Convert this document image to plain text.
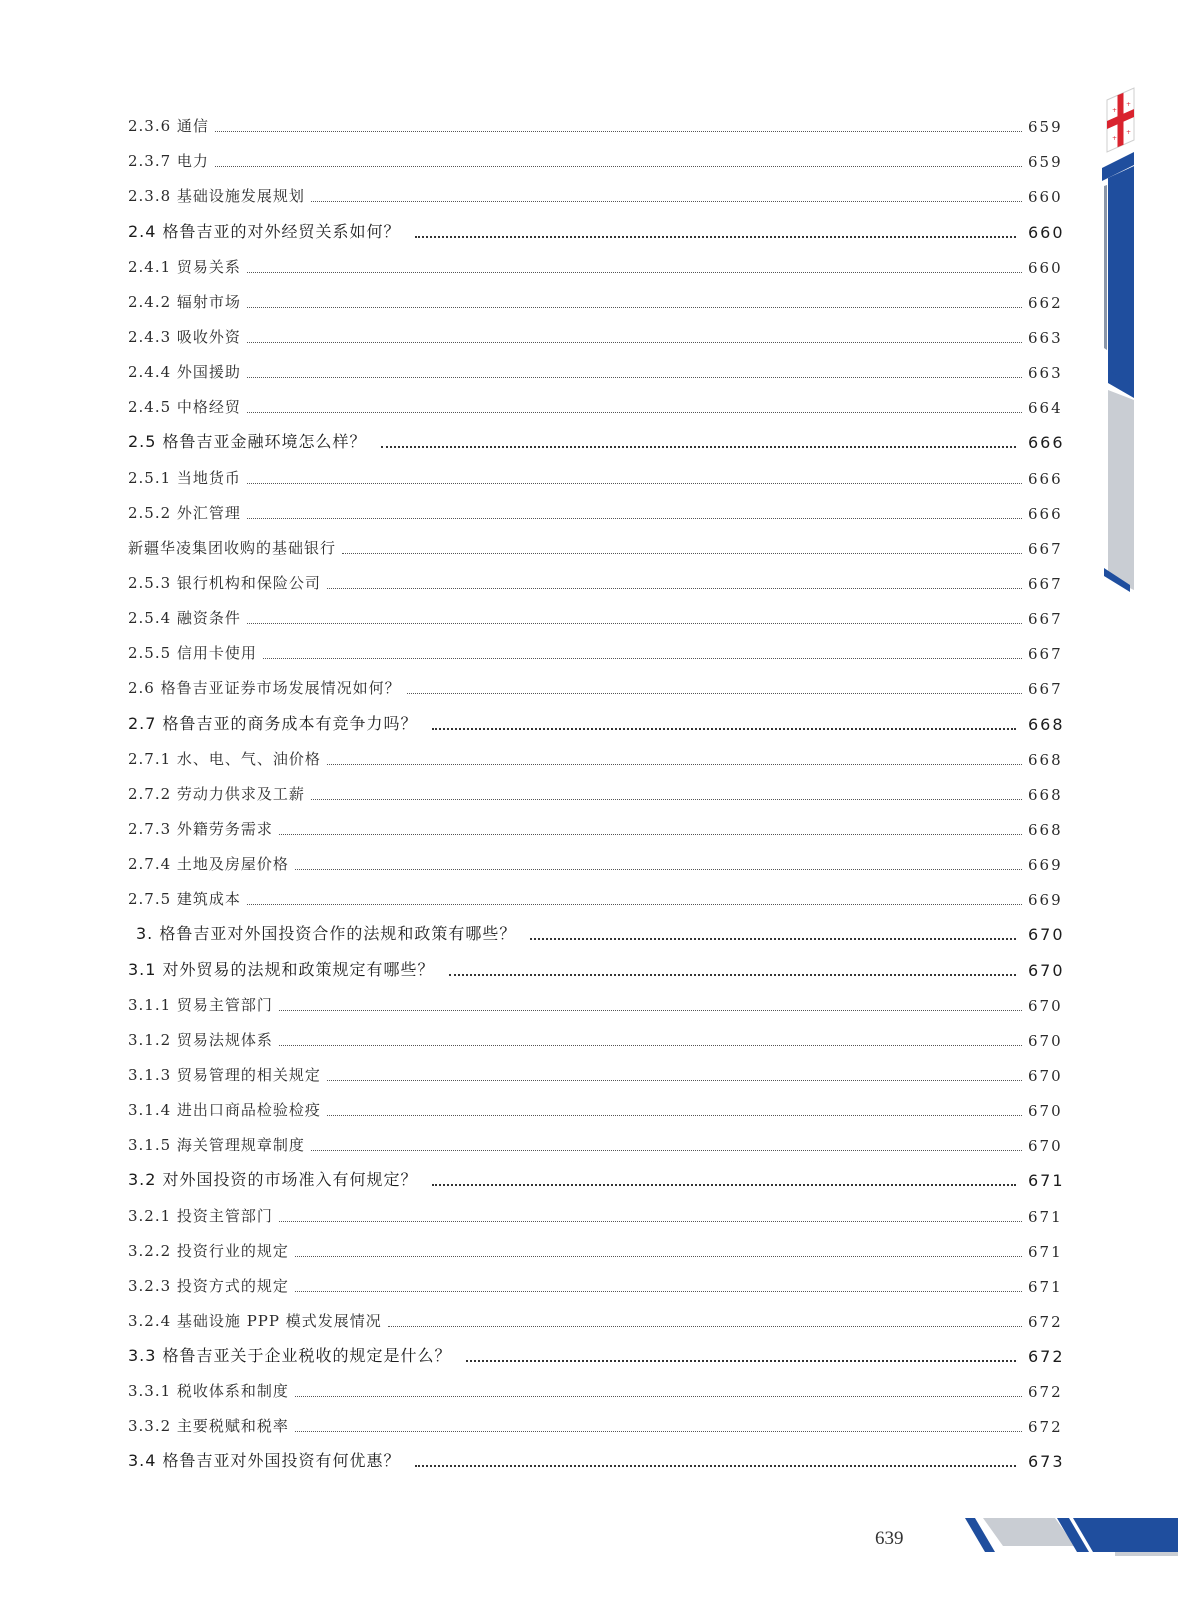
+
+
+
+
2.3.6 通信	659
2.3.7 电力	659
2.3.8 基础设施发展规划	660
2.4 格鲁吉亚的对外经贸关系如何？	660
2.4.1 贸易关系	660
2.4.2 辐射市场	662
2.4.3 吸收外资	663
2.4.4 外国援助	663
2.4.5 中格经贸	664
2.5 格鲁吉亚金融环境怎么样？	666
2.5.1 当地货币	666
2.5.2 外汇管理	666
新疆华凌集团收购的基础银行	667
2.5.3 银行机构和保险公司	667
2.5.4 融资条件	667
2.5.5 信用卡使用	667
2.6 格鲁吉亚证券市场发展情况如何？	667
2.7 格鲁吉亚的商务成本有竞争力吗？	668
2.7.1 水、电、气、油价格	668
2.7.2 劳动力供求及工薪	668
2.7.3 外籍劳务需求	668
2.7.4 土地及房屋价格	669
2.7.5 建筑成本	669
3. 格鲁吉亚对外国投资合作的法规和政策有哪些？	670
3.1 对外贸易的法规和政策规定有哪些？	670
3.1.1 贸易主管部门	670
3.1.2 贸易法规体系	670
3.1.3 贸易管理的相关规定	670
3.1.4 进出口商品检验检疫	670
3.1.5 海关管理规章制度	670
3.2 对外国投资的市场准入有何规定？	671
3.2.1 投资主管部门	671
3.2.2 投资行业的规定	671
3.2.3 投资方式的规定	671
3.2.4 基础设施 PPP 模式发展情况	672
3.3 格鲁吉亚关于企业税收的规定是什么？	672
3.3.1 税收体系和制度	672
3.3.2 主要税赋和税率	672
3.4 格鲁吉亚对外国投资有何优惠？	673
639
